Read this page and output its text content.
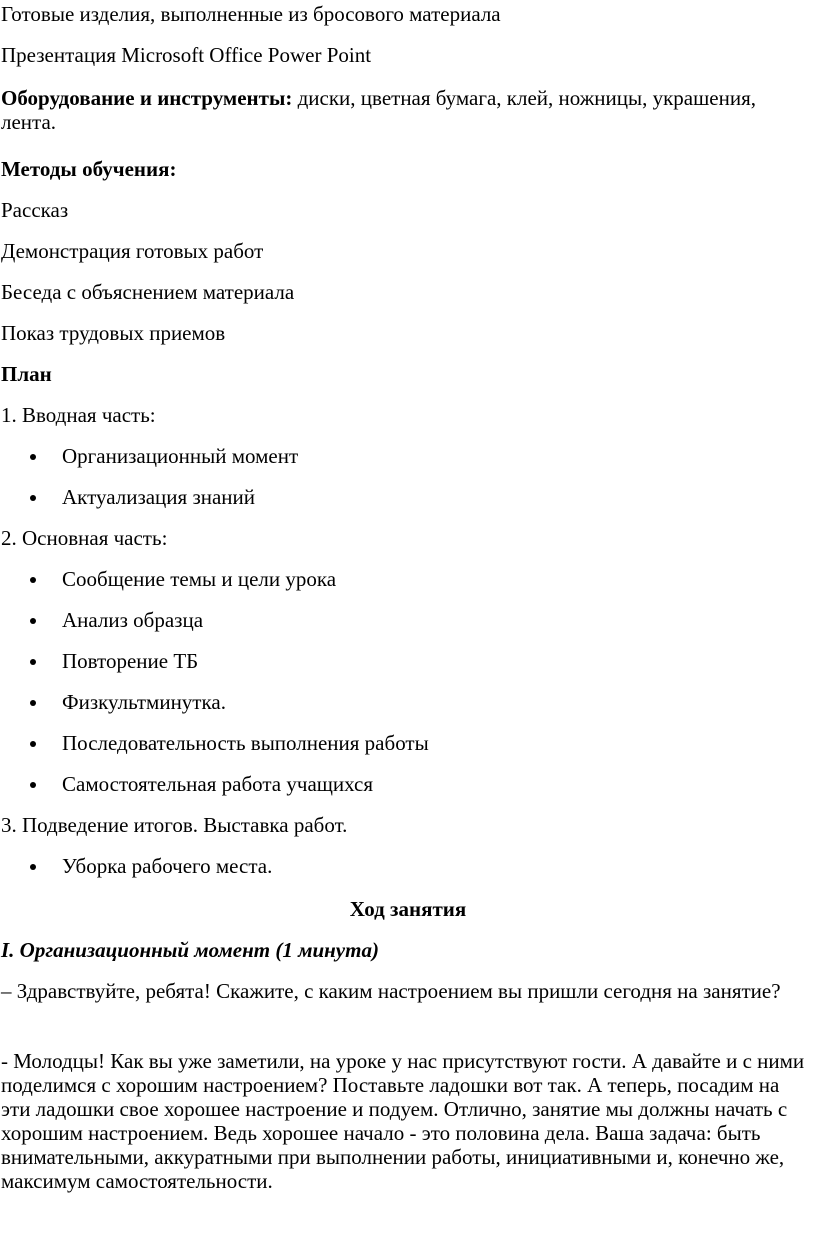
Готовые изделия, выполненные из бросового материала

Презентация Microsoft Office Power Point

Оборудование и инструменты: диски, цветная бумага, клей, ножницы, украшения, лента.

Методы обучения:

Рассказ

Демонстрация готовых работ

Беседа с объяснением материала

Показ трудовых приемов

План

1. Вводная часть:

Организационный момент
Актуализация знаний

2. Основная часть:

Сообщение темы и цели урока
Анализ образца
Повторение ТБ
Физкультминутка.
Последовательность выполнения работы
Самостоятельная работа учащихся

3. Подведение итогов. Выставка работ.

Уборка рабочего места.

Ход занятия

I. Организационный момент (1 минута)

– Здравствуйте, ребята! Скажите, с каким настроением вы пришли сегодня на занятие?

- Молодцы! Как вы уже заметили, на уроке у нас присутствуют гости. А давайте и с ними поделимся с хорошим настроением? Поставьте ладошки вот так. А теперь, посадим на эти ладошки свое хорошее настроение и подуем. Отлично, занятие мы должны начать с хорошим настроением. Ведь хорошее начало - это половина дела. Ваша задача: быть внимательными, аккуратными при выполнении работы, инициативными и, конечно же, максимум самостоятельности.
